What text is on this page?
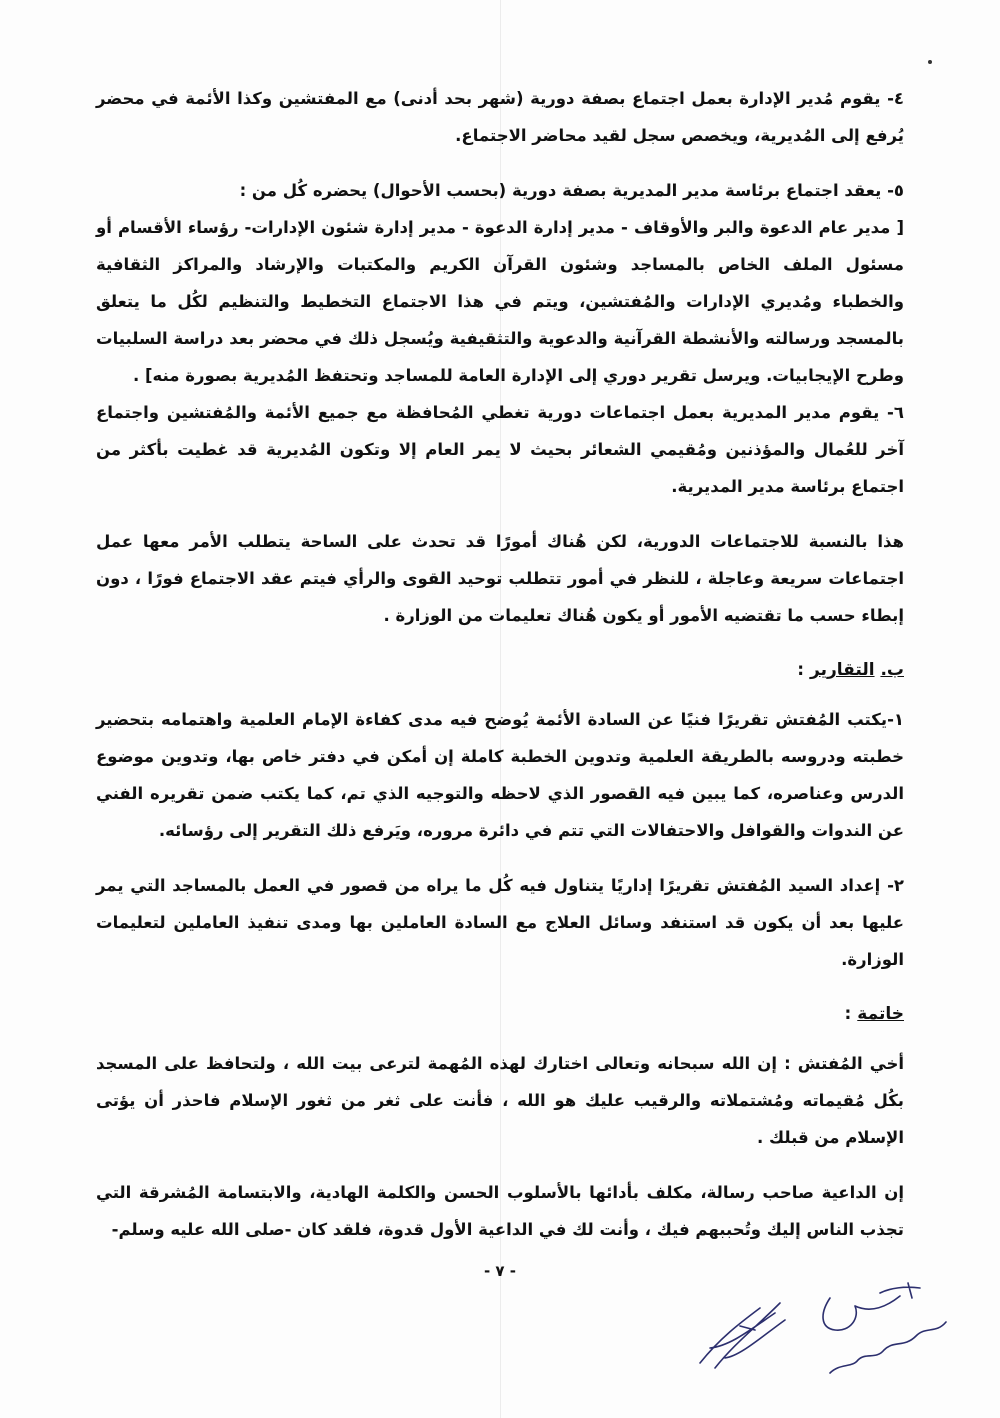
٤- يقوم مُدير الإدارة بعمل اجتماع بصفة دورية (شهر بحد أدنى) مع المفتشين وكذا الأئمة في محضر يُرفع إلى المُديرية، ويخصص سجل لقيد محاضر الاجتماع.

٥- يعقد اجتماع برئاسة مدير المديرية بصفة دورية (بحسب الأحوال) يحضره كُل من :

[ مدير عام الدعوة والبر والأوقاف - مدير إدارة الدعوة - مدير إدارة شئون الإدارات- رؤساء الأقسام أو مسئول الملف الخاص بالمساجد وشئون القرآن الكريم والمكتبات والإرشاد والمراكز الثقافية والخطباء ومُديري الإدارات والمُفتشين، ويتم في هذا الاجتماع التخطيط والتنظيم لكُل ما يتعلق بالمسجد ورسالته والأنشطة القرآنية والدعوية والتثقيفية ويُسجل ذلك في محضر بعد دراسة السلبيات وطرح الإيجابيات. ويرسل تقرير دوري إلى الإدارة العامة للمساجد وتحتفظ المُديرية بصورة منه] .

٦- يقوم مدير المديرية بعمل اجتماعات دورية تغطي المُحافظة مع جميع الأئمة والمُفتشين واجتماع آخر للعُمال والمؤذنين ومُقيمي الشعائر بحيث لا يمر العام إلا وتكون المُديرية قد غطيت بأكثر من اجتماع برئاسة مدير المديرية.

هذا بالنسبة للاجتماعات الدورية، لكن هُناك أمورًا قد تحدث على الساحة يتطلب الأمر معها عمل اجتماعات سريعة وعاجلة ، للنظر في أمور تتطلب توحيد القوى والرأي فيتم عقد الاجتماع فورًا ، دون إبطاء حسب ما تقتضيه الأمور أو يكون هُناك تعليمات من الوزارة .

ب. التقارير :

١-يكتب المُفتش تقريرًا فنيًا عن السادة الأئمة يُوضح فيه مدى كفاءة الإمام العلمية واهتمامه بتحضير خطبته ودروسه بالطريقة العلمية وتدوين الخطبة كاملة إن أمكن في دفتر خاص بها، وتدوين موضوع الدرس وعناصره، كما يبين فيه القصور الذي لاحظه والتوجيه الذي تم، كما يكتب ضمن تقريره الفني عن الندوات والقوافل والاحتفالات التي تتم في دائرة مروره، ويَرفع ذلك التقرير إلى رؤسائه.

٢- إعداد السيد المُفتش تقريرًا إداريًا يتناول فيه كُل ما يراه من قصور في العمل بالمساجد التي يمر عليها بعد أن يكون قد استنفد وسائل العلاج مع السادة العاملين بها ومدى تنفيذ العاملين لتعليمات الوزارة.

خاتمة :

أخي المُفتش : إن الله سبحانه وتعالى اختارك لهذه المُهمة لترعى بيت الله ، ولتحافظ على المسجد بكُل مُقيماته ومُشتملاته والرقيب عليك هو الله ، فأنت على ثغر من ثغور الإسلام فاحذر أن يؤتى الإسلام من قبلك .

إن الداعية صاحب رسالة، مكلف بأدائها بالأسلوب الحسن والكلمة الهادية، والابتسامة المُشرقة التي تجذب الناس إليك وتُحببهم فيك ، وأنت لك في الداعية الأول قدوة، فلقد كان -صلى الله عليه وسلم-

- ٧ -
